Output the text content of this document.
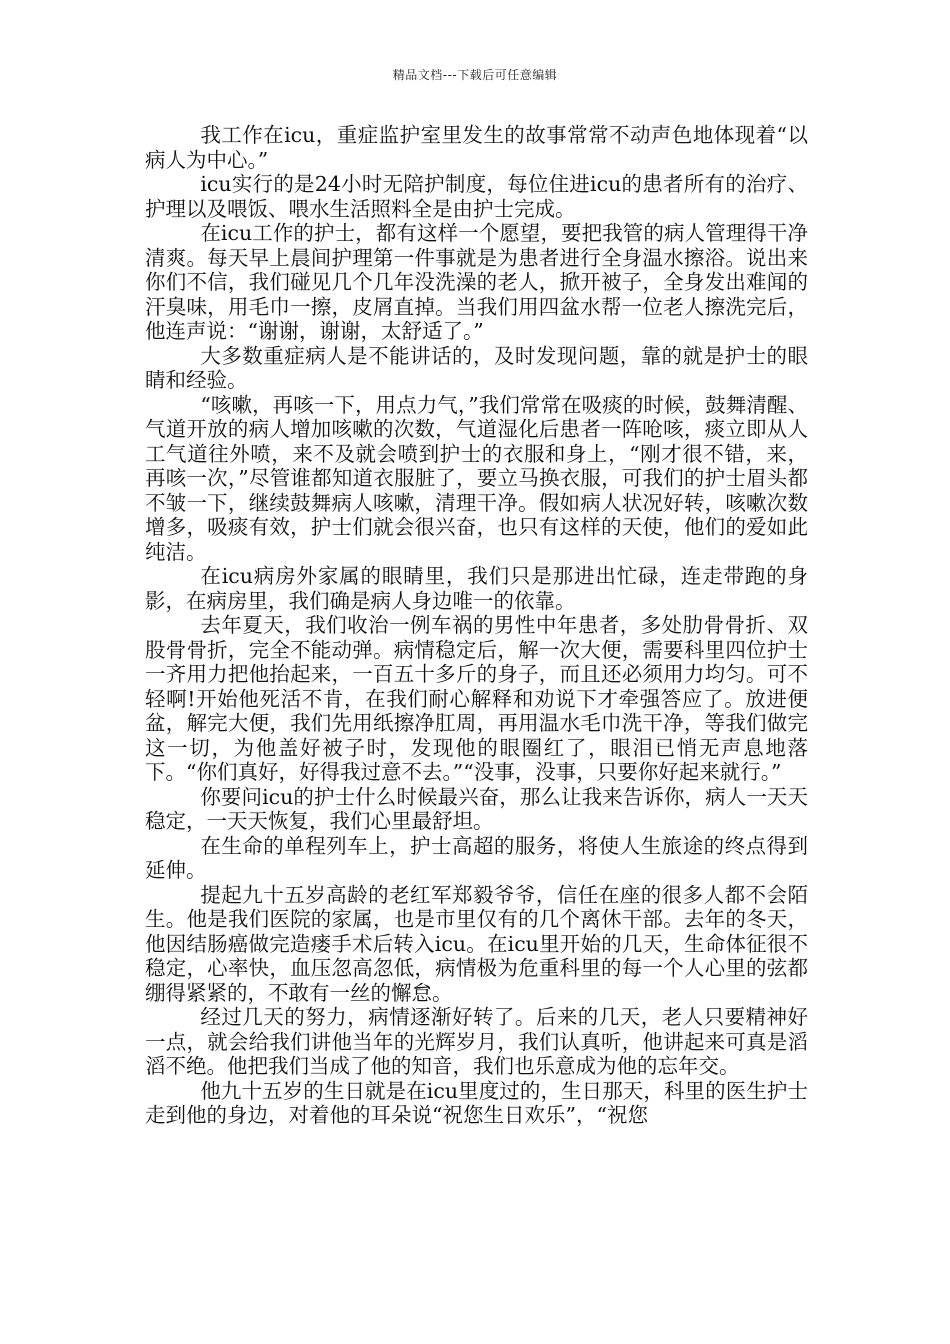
精品文档---下载后可任意编辑

我工作在icu，重症监护室里发生的故事常常不动声色地体现着“以病人为中心。”

icu实行的是24小时无陪护制度，每位住进icu的患者所有的治疗、护理以及喂饭、喂水生活照料全是由护士完成。

在icu工作的护士，都有这样一个愿望，要把我管的病人管理得干净清爽。每天早上晨间护理第一件事就是为患者进行全身温水擦浴。说出来你们不信，我们碰见几个几年没洗澡的老人，掀开被子，全身发出难闻的汗臭味，用毛巾一擦，皮屑直掉。当我们用四盆水帮一位老人擦洗完后，他连声说：“谢谢，谢谢，太舒适了。”

大多数重症病人是不能讲话的，及时发现问题，靠的就是护士的眼睛和经验。

“咳嗽，再咳一下，用点力气，”我们常常在吸痰的时候，鼓舞清醒、气道开放的病人增加咳嗽的次数，气道湿化后患者一阵呛咳，痰立即从人工气道往外喷，来不及就会喷到护士的衣服和身上，“刚才很不错，来，再咳一次，”尽管谁都知道衣服脏了，要立马换衣服，可我们的护士眉头都不皱一下，继续鼓舞病人咳嗽，清理干净。假如病人状况好转，咳嗽次数增多，吸痰有效，护士们就会很兴奋，也只有这样的天使，他们的爱如此纯洁。

在icu病房外家属的眼睛里，我们只是那进出忙碌，连走带跑的身影，在病房里，我们确是病人身边唯一的依靠。

去年夏天，我们收治一例车祸的男性中年患者，多处肋骨骨折、双股骨骨折，完全不能动弹。病情稳定后，解一次大便，需要科里四位护士一齐用力把他抬起来，一百五十多斤的身子，而且还必须用力均匀。可不轻啊!开始他死活不肯，在我们耐心解释和劝说下才牵强答应了。放进便盆，解完大便，我们先用纸擦净肛周，再用温水毛巾洗干净，等我们做完这一切，为他盖好被子时，发现他的眼圈红了，眼泪已悄无声息地落下。“你们真好，好得我过意不去。”“没事，没事，只要你好起来就行。”

你要问icu的护士什么时候最兴奋，那么让我来告诉你，病人一天天稳定，一天天恢复，我们心里最舒坦。

在生命的单程列车上，护士高超的服务，将使人生旅途的终点得到延伸。

提起九十五岁高龄的老红军郑毅爷爷，信任在座的很多人都不会陌生。他是我们医院的家属，也是市里仅有的几个离休干部。去年的冬天，他因结肠癌做完造瘘手术后转入icu。在icu里开始的几天，生命体征很不稳定，心率快，血压忽高忽低，病情极为危重科里的每一个人心里的弦都绷得紧紧的，不敢有一丝的懈怠。

经过几天的努力，病情逐渐好转了。后来的几天，老人只要精神好一点，就会给我们讲他当年的光辉岁月，我们认真听，他讲起来可真是滔滔不绝。他把我们当成了他的知音，我们也乐意成为他的忘年交。

他九十五岁的生日就是在icu里度过的，生日那天，科里的医生护士走到他的身边，对着他的耳朵说“祝您生日欢乐”，“祝您
